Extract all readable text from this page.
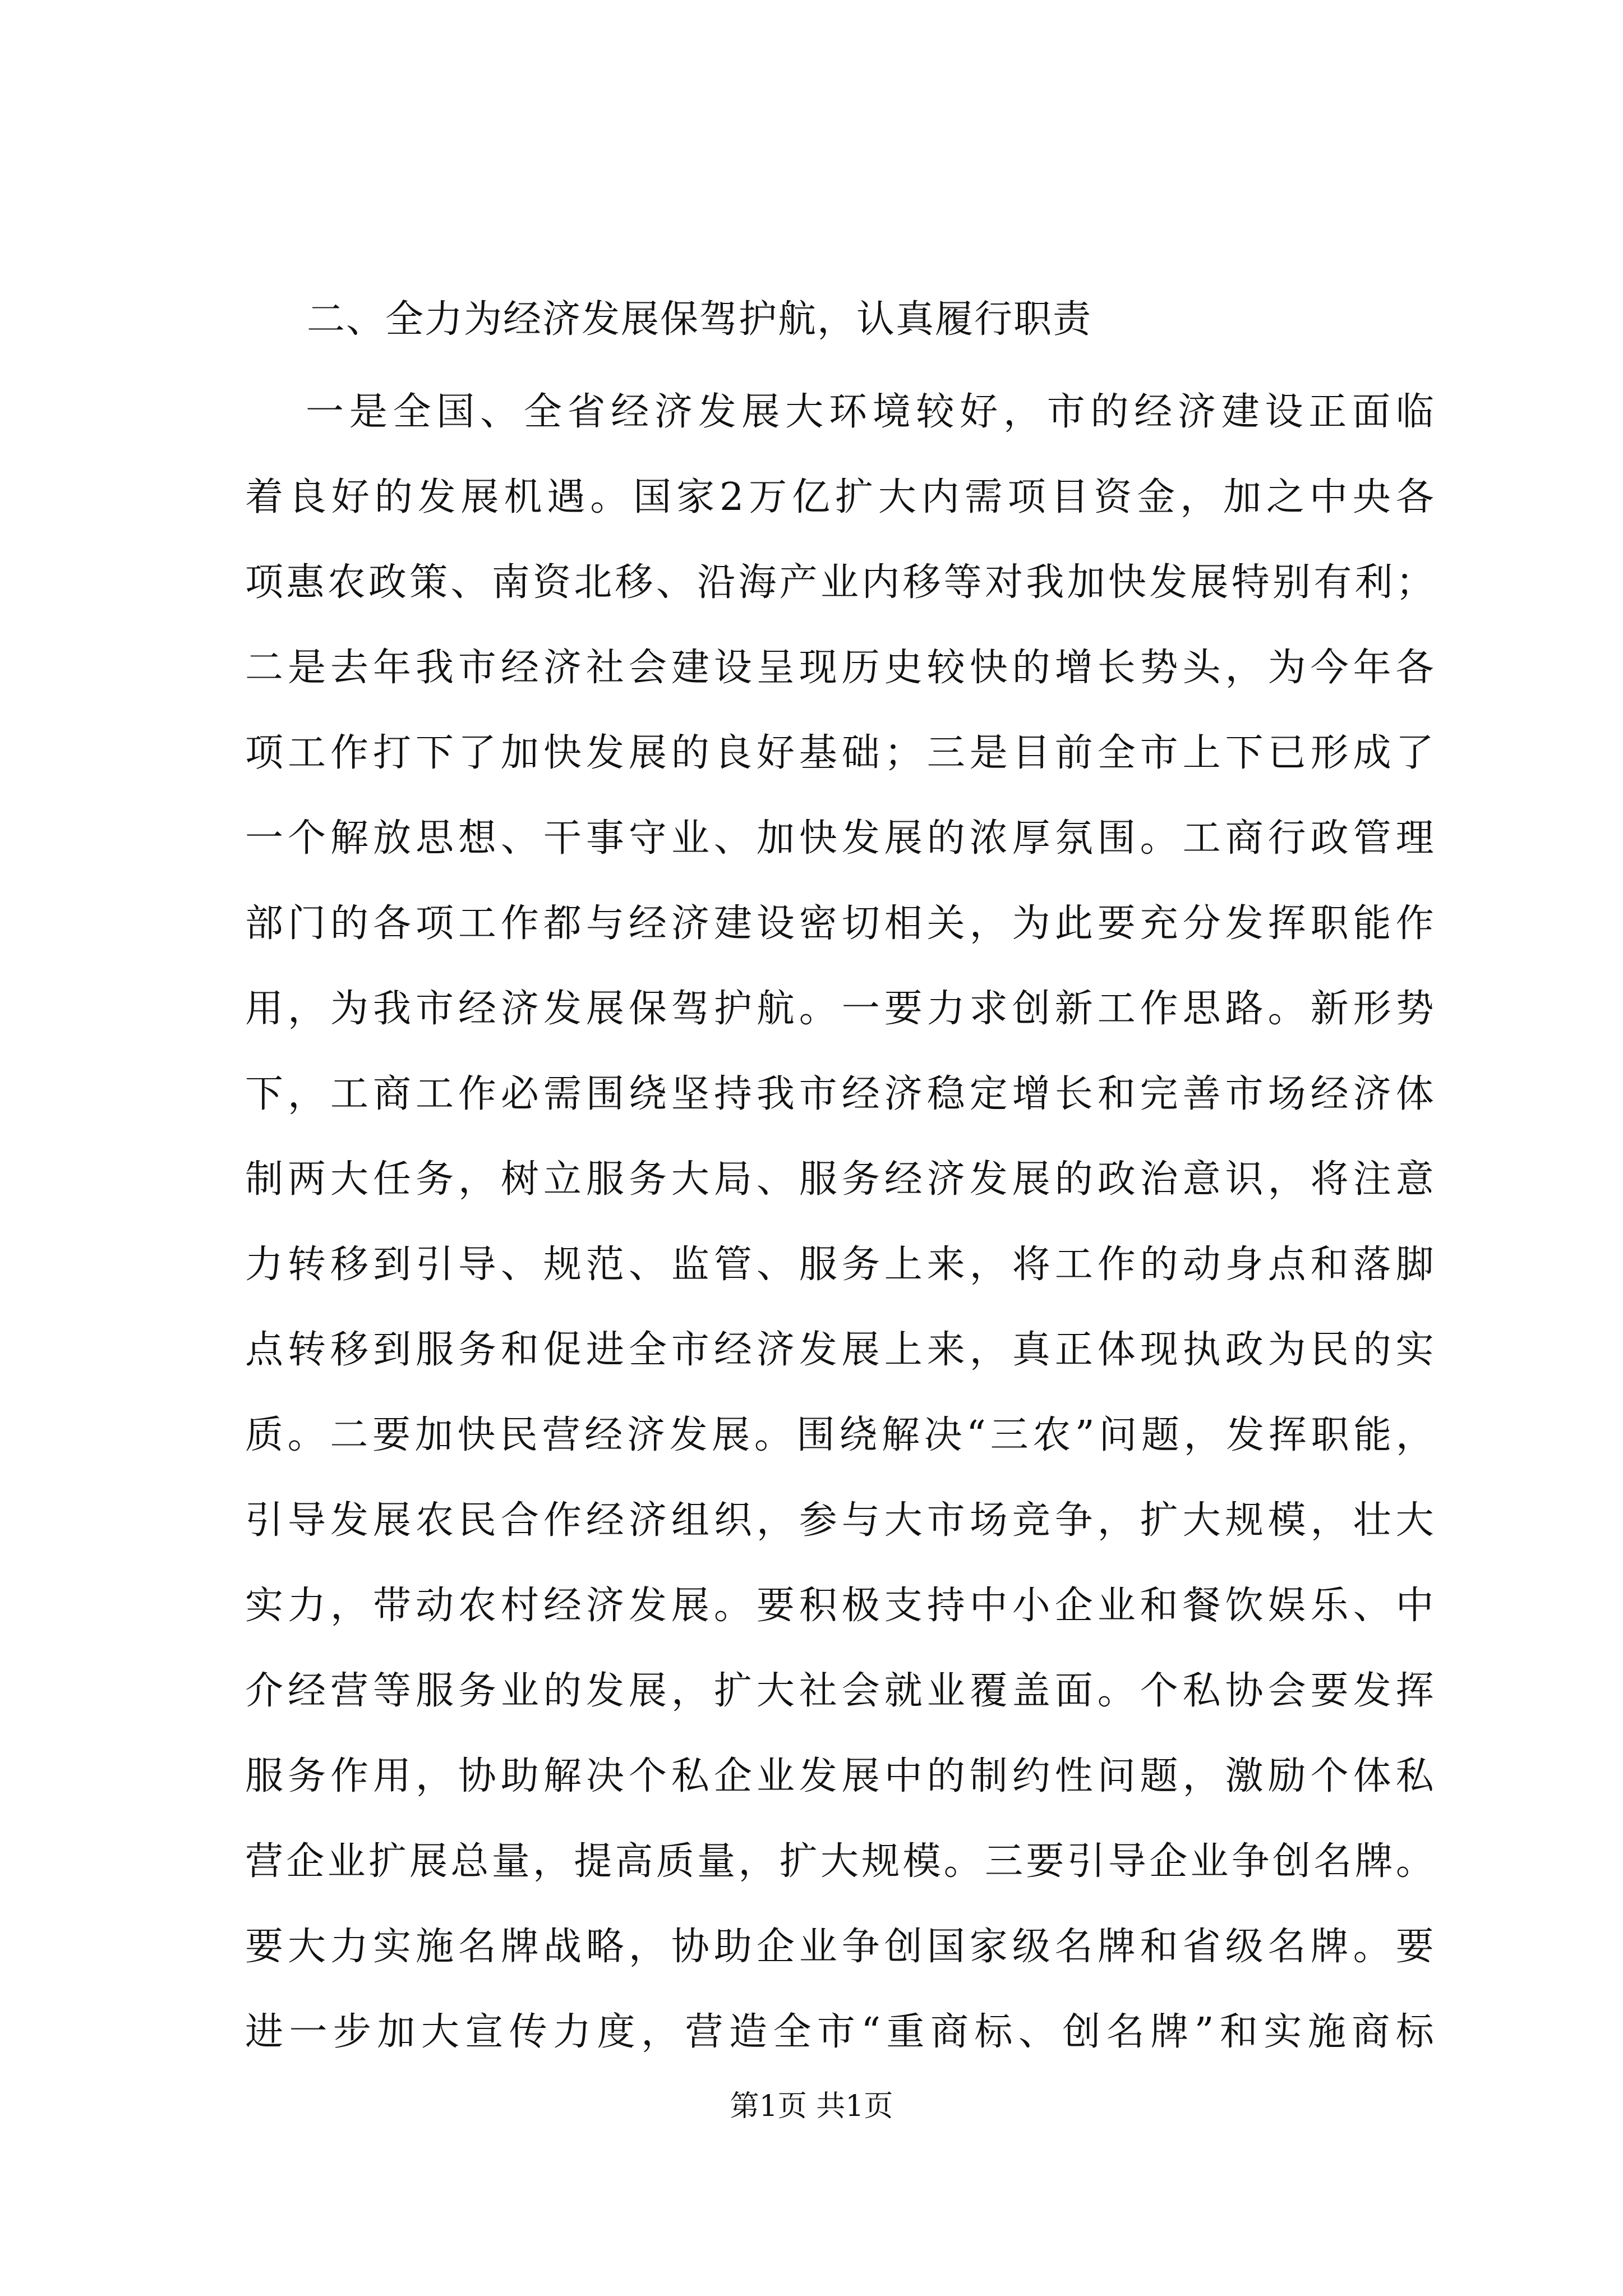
二、全力为经济发展保驾护航，认真履行职责
一 是 全 国 、 全 省 经 济 发 展 大 环 境 较 好 ， 市 的 经 济 建 设 正 面 临
着 良 好 的 发 展 机 遇 。 国 家 2 万 亿 扩 大 内 需 项 目 资 金 ， 加 之 中 央 各
项 惠 农 政 策 、 南 资 北 移 、 沿 海 产 业 内 移 等 对 我 加 快 发 展 特 别 有 利 ；
二 是 去 年 我 市 经 济 社 会 建 设 呈 现 历 史 较 快 的 增 长 势 头 ， 为 今 年 各
项 工 作 打 下 了 加 快 发 展 的 良 好 基 础 ； 三 是 目 前 全 市 上 下 已 形 成 了
一 个 解 放 思 想 、 干 事 守 业 、 加 快 发 展 的 浓 厚 氛 围 。 工 商 行 政 管 理
部 门 的 各 项 工 作 都 与 经 济 建 设 密 切 相 关 ， 为 此 要 充 分 发 挥 职 能 作
用 ， 为 我 市 经 济 发 展 保 驾 护 航 。 一 要 力 求 创 新 工 作 思 路 。 新 形 势
下 ， 工 商 工 作 必 需 围 绕 坚 持 我 市 经 济 稳 定 增 长 和 完 善 市 场 经 济 体
制 两 大 任 务 ， 树 立 服 务 大 局 、 服 务 经 济 发 展 的 政 治 意 识 ， 将 注 意
力 转 移 到 引 导 、 规 范 、 监 管 、 服 务 上 来 ， 将 工 作 的 动 身 点 和 落 脚
点 转 移 到 服 务 和 促 进 全 市 经 济 发 展 上 来 ， 真 正 体 现 执 政 为 民 的 实
质 。 二 要 加 快 民 营 经 济 发 展 。 围 绕 解 决 “ 三 农 ” 问 题 ， 发 挥 职 能 ，
引 导 发 展 农 民 合 作 经 济 组 织 ， 参 与 大 市 场 竞 争 ， 扩 大 规 模 ， 壮 大
实 力 ， 带 动 农 村 经 济 发 展 。 要 积 极 支 持 中 小 企 业 和 餐 饮 娱 乐 、 中
介 经 营 等 服 务 业 的 发 展 ， 扩 大 社 会 就 业 覆 盖 面 。 个 私 协 会 要 发 挥
服 务 作 用 ， 协 助 解 决 个 私 企 业 发 展 中 的 制 约 性 问 题 ， 激 励 个 体 私
营 企 业 扩 展 总 量 ， 提 高 质 量 ， 扩 大 规 模 。 三 要 引 导 企 业 争 创 名 牌 。
要 大 力 实 施 名 牌 战 略 ， 协 助 企 业 争 创 国 家 级 名 牌 和 省 级 名 牌 。 要
进 一 步 加 大 宣 传 力 度 ， 营 造 全 市 “ 重 商 标 、 创 名 牌 ” 和 实 施 商 标
第1页 共1页
